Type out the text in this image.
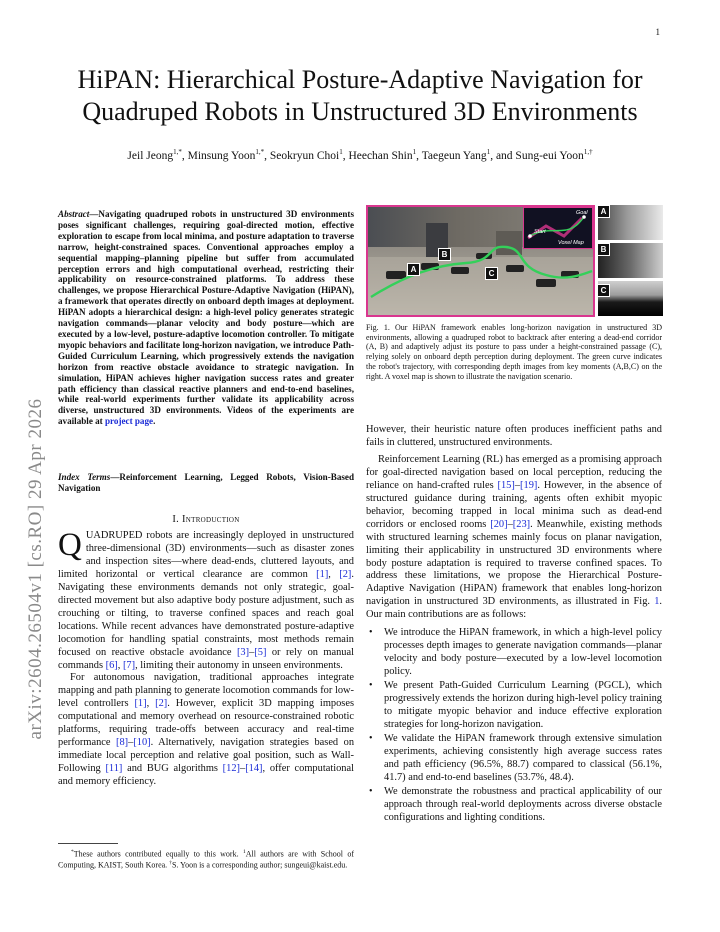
1
arXiv:2604.26504v1 [cs.RO] 29 Apr 2026
HiPAN: Hierarchical Posture-Adaptive Navigation for
Quadruped Robots in Unstructured 3D Environments
Jeil Jeong$^{1,*}$, Minsung Yoon$^{1,*}$, Seokryun Choi$^1$, Heechan Shin$^1$, Taegeun Yang$^1$, and Sung-eui Yoon$^{1,\dagger}$
Abstract—Navigating quadruped robots in unstructured 3D environments poses significant challenges, requiring goal-directed motion, effective exploration to escape from local minima, and posture adaptation to traverse narrow, height-constrained spaces. Conventional approaches employ a sequential mapping–planning pipeline but suffer from accumulated perception errors and high computational overhead, restricting their applicability on resource-constrained platforms. To address these challenges, we propose Hierarchical Posture-Adaptive Navigation (HiPAN), a framework that operates directly on onboard depth images at deployment. HiPAN adopts a hierarchical design: a high-level policy generates strategic navigation commands—planar velocity and body posture—which are executed by a low-level, posture-adaptive locomotion controller. To mitigate myopic behaviors and facilitate long-horizon navigation, we introduce Path-Guided Curriculum Learning, which progressively extends the navigation horizon from reactive obstacle avoidance to strategic navigation. In simulation, HiPAN achieves higher navigation success rates and greater path efficiency than classical reactive planners and end-to-end baselines, while real-world experiments further validate its applicability across diverse, unstructured 3D environments. Videos of the experiments are available at project page.
Index Terms—Reinforcement Learning, Legged Robots, Vision-Based Navigation
I. Introduction

QUADRUPED robots are increasingly deployed in unstructured three-dimensional (3D) environments—such as disaster zones and inspection sites—where dead-ends, cluttered layouts, and limited horizontal or vertical clearance are common [1], [2]. Navigating these environments demands not only strategic, goal-directed movement but also adaptive body posture adjustment, such as crouching or tilting, to traverse confined spaces and reach goal locations. While recent advances have demonstrated posture-adaptive locomotion for handling spatial constraints, most methods remain focused on reactive obstacle avoidance [3]–[5] or rely on manual commands [6], [7], limiting their autonomy in unseen environments.

For autonomous navigation, traditional approaches integrate mapping and path planning to generate locomotion commands for low-level controllers [1], [2]. However, explicit 3D mapping imposes computational and memory overhead on resource-constrained robotic platforms, requiring trade-offs between accuracy and real-time performance [8]–[10]. Alternatively, navigation strategies based on immediate local perception and relative goal position, such as Wall-Following [11] and BUG algorithms [12]–[14], offer computational and memory efficiency.

*These authors contributed equally to this work. $^1$All authors are with School of Computing, KAIST, South Korea. †S. Yoon is a corresponding author; sungeui@kaist.edu.
Start
Goal
Voxel Map
A
B
C
A
B
C
Fig. 1. Our HiPAN framework enables long-horizon navigation in unstructured 3D environments, allowing a quadruped robot to backtrack after entering a dead-end corridor (A, B) and adaptively adjust its posture to pass under a height-constrained passage (C), relying solely on onboard depth perception during deployment. The green curve indicates the robot's trajectory, with corresponding depth images from key moments (A,B,C) on the right. A voxel map is shown to illustrate the navigation scenario.

However, their heuristic nature often produces inefficient paths and fails in cluttered, unstructured environments.

Reinforcement Learning (RL) has emerged as a promising approach for goal-directed navigation based on local perception, reducing the reliance on hand-crafted rules [15]–[19]. However, in the absence of structured guidance during training, agents often exhibit myopic behavior, becoming trapped in local minima such as dead-end corridors or enclosed rooms [20]–[23]. Meanwhile, existing methods with structured learning schemes mainly focus on planar navigation, limiting their applicability in unstructured 3D environments where body posture adaptation is required to traverse confined spaces. To address these limitations, we propose the Hierarchical Posture-Adaptive Navigation (HiPAN) framework that enables long-horizon navigation in unstructured 3D environments, as illustrated in Fig. 1. Our main contributions are as follows:

• We introduce the HiPAN framework, in which a high-level policy processes depth images to generate navigation commands—planar velocity and body posture—executed by a low-level locomotion policy.
• We present Path-Guided Curriculum Learning (PGCL), which progressively extends the horizon during high-level policy training to mitigate myopic behavior and induce effective exploration strategies for long-horizon navigation.
• We validate the HiPAN framework through extensive simulation experiments, achieving consistently high average success rates and path efficiency (96.5%, 88.7) compared to classical (56.1%, 41.7) and end-to-end baselines (53.7%, 48.4).
• We demonstrate the robustness and practical applicability of our approach through real-world deployments across diverse obstacle configurations and lighting conditions.
